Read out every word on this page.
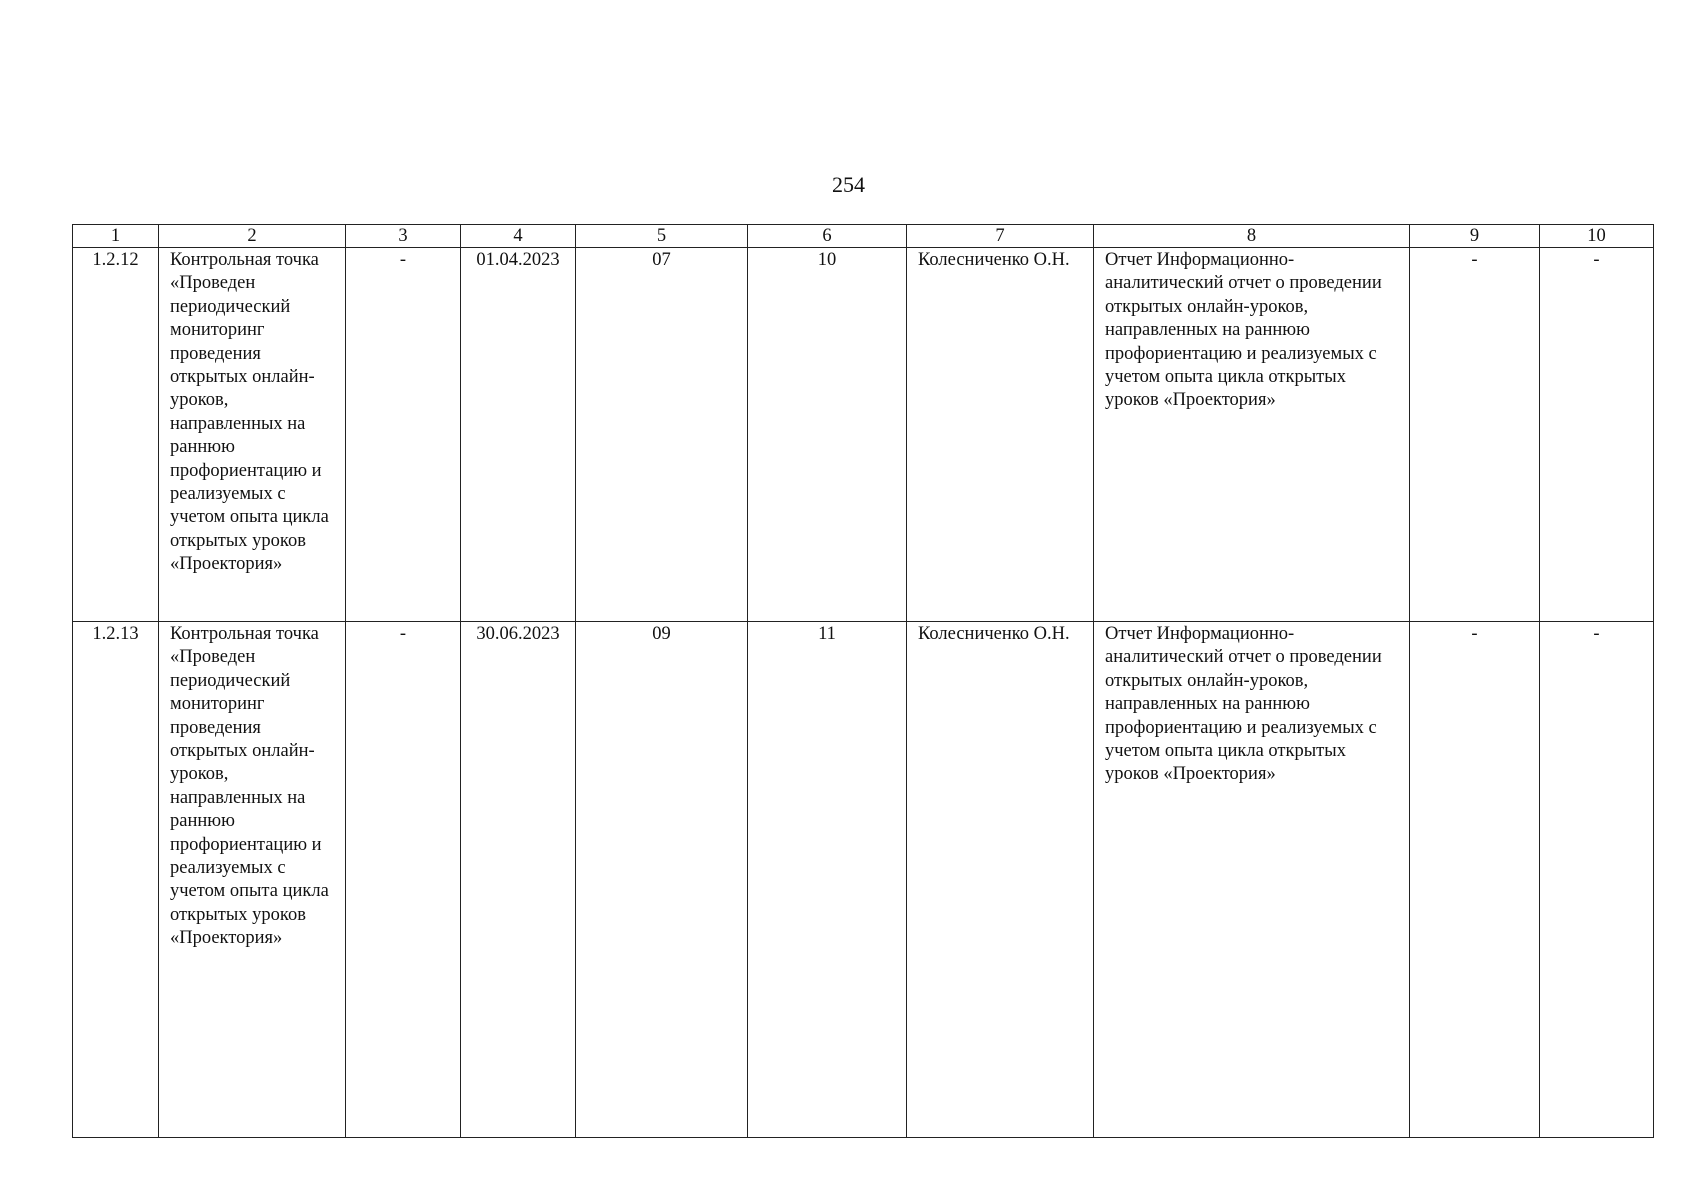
254
1	2	3	4	5	6	7	8	9	10
1.2.12	Контрольная точка «Проведен периодический мониторинг проведения открытых онлайн-уроков, направленных на раннюю профориентацию и реализуемых с учетом опыта цикла открытых уроков «Проектория»	-	01.04.2023	07	10	Колесниченко О.Н.	Отчет Информационно-аналитический отчет о проведении открытых онлайн-уроков, направленных на раннюю профориентацию и реализуемых с учетом опыта цикла открытых уроков «Проектория»	-	-
1.2.13	Контрольная точка «Проведен периодический мониторинг проведения открытых онлайн-уроков, направленных на раннюю профориентацию и реализуемых с учетом опыта цикла открытых уроков «Проектория»	-	30.06.2023	09	11	Колесниченко О.Н.	Отчет Информационно-аналитический отчет о проведении открытых онлайн-уроков, направленных на раннюю профориентацию и реализуемых с учетом опыта цикла открытых уроков «Проектория»	-	-
